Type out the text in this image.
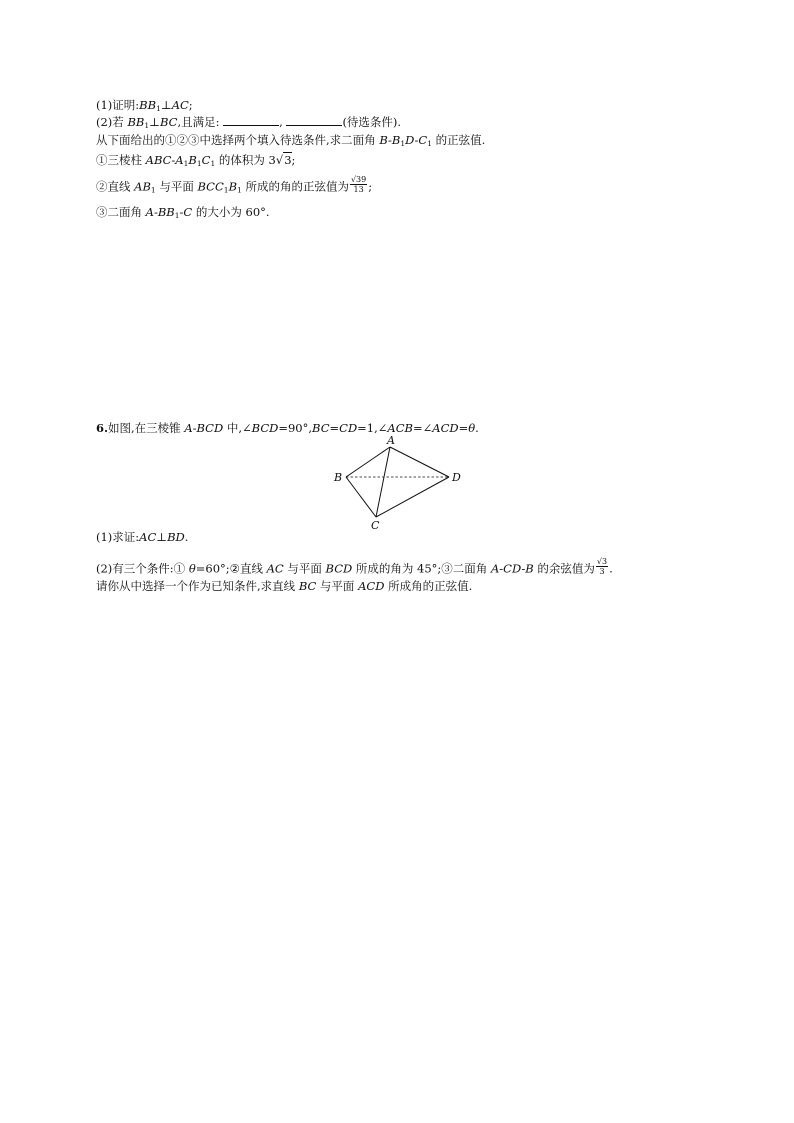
(1)证明$:BB_1\perp AC$;
(2)若 $BB_1\perp BC$,且满足:	,	(待选条件).
从下面给出的①②③中选择两个填入待选条件,求二面角 $B-B_1D-C_1$ 的正弦值.
①三棱柱 ABC-$A_1B_1C_1$ 的体积为 3√3;
②直线 $AB_1$ 与平面 $BCC_1B_1$ 所成的角的正弦值为 $\frac{√39}{13}$ ;
③二面角 $A-BB_1-C$ 的大小为 60°.
6.如图,在三棱锥 A-BCD 中,∠BCD=90°,BC=CD=1,∠ACB=∠ACD=θ.
A
B
C
D
(1)求证:AC⊥BD.
(2)有三个条件:① θ=60°;②直线 AC 与平面 BCD 所成的角为 45°;③二面角 A-CD-B 的余弦值为 $\frac{√3}{3}$ .
请你从中选择一个作为已知条件,求直线 BC 与平面 ACD 所成角的正弦值.
